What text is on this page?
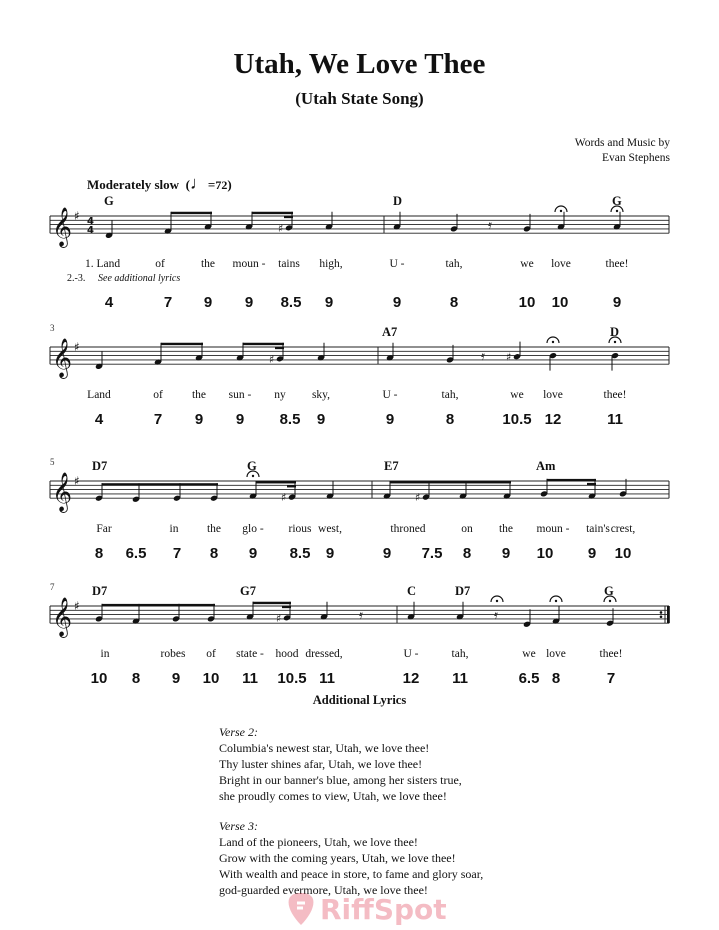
Utah, We Love Thee
(Utah State Song)
Words and Music by
Evan Stephens
Moderately slow  (♩=72)
𝄞 ♯ 4
4
G	D	G
♯	𝄿
1. Land	of	the moun - tains high,	U -	tah,	we love	thee!
2.-3. See additional lyrics
4	7 9 9 8.5 9	9	8	10 10	9
𝄞 ♯
3	A7	D
♯	♯
𝄿
Land	of	the sun - ny sky,	U -	tah,	we love	thee!
4	7 9 9 8.5 9	9	8	10.5 12	11
𝄞 ♯
5	D7	G	E7	Am
♯	♯
Far	in the glo - rious west,	throned	on the moun - tain's crest,
8 6.5 7 8 9 8.5 9	9 7.5 8 9 10 9 10
𝄞 ♯
7	D7	G7	C	D7	G
♯	𝄿	𝄿
in	robes of state - hood dressed,	U -	tah,	we love	thee!
10 8 9 10 11 10.5 11	12 11	6.5 8	7
Additional Lyrics
Verse 2:
Columbia's newest star, Utah, we love thee!
Thy luster shines afar, Utah, we love thee!
Bright in our banner's blue, among her sisters true,
she proudly comes to view, Utah, we love thee!
Verse 3:
Land of the pioneers, Utah, we love thee!
Grow with the coming years, Utah, we love thee!
With wealth and peace in store, to fame and glory soar,
god-guarded evermore, Utah, we love thee!
RiffSpot
